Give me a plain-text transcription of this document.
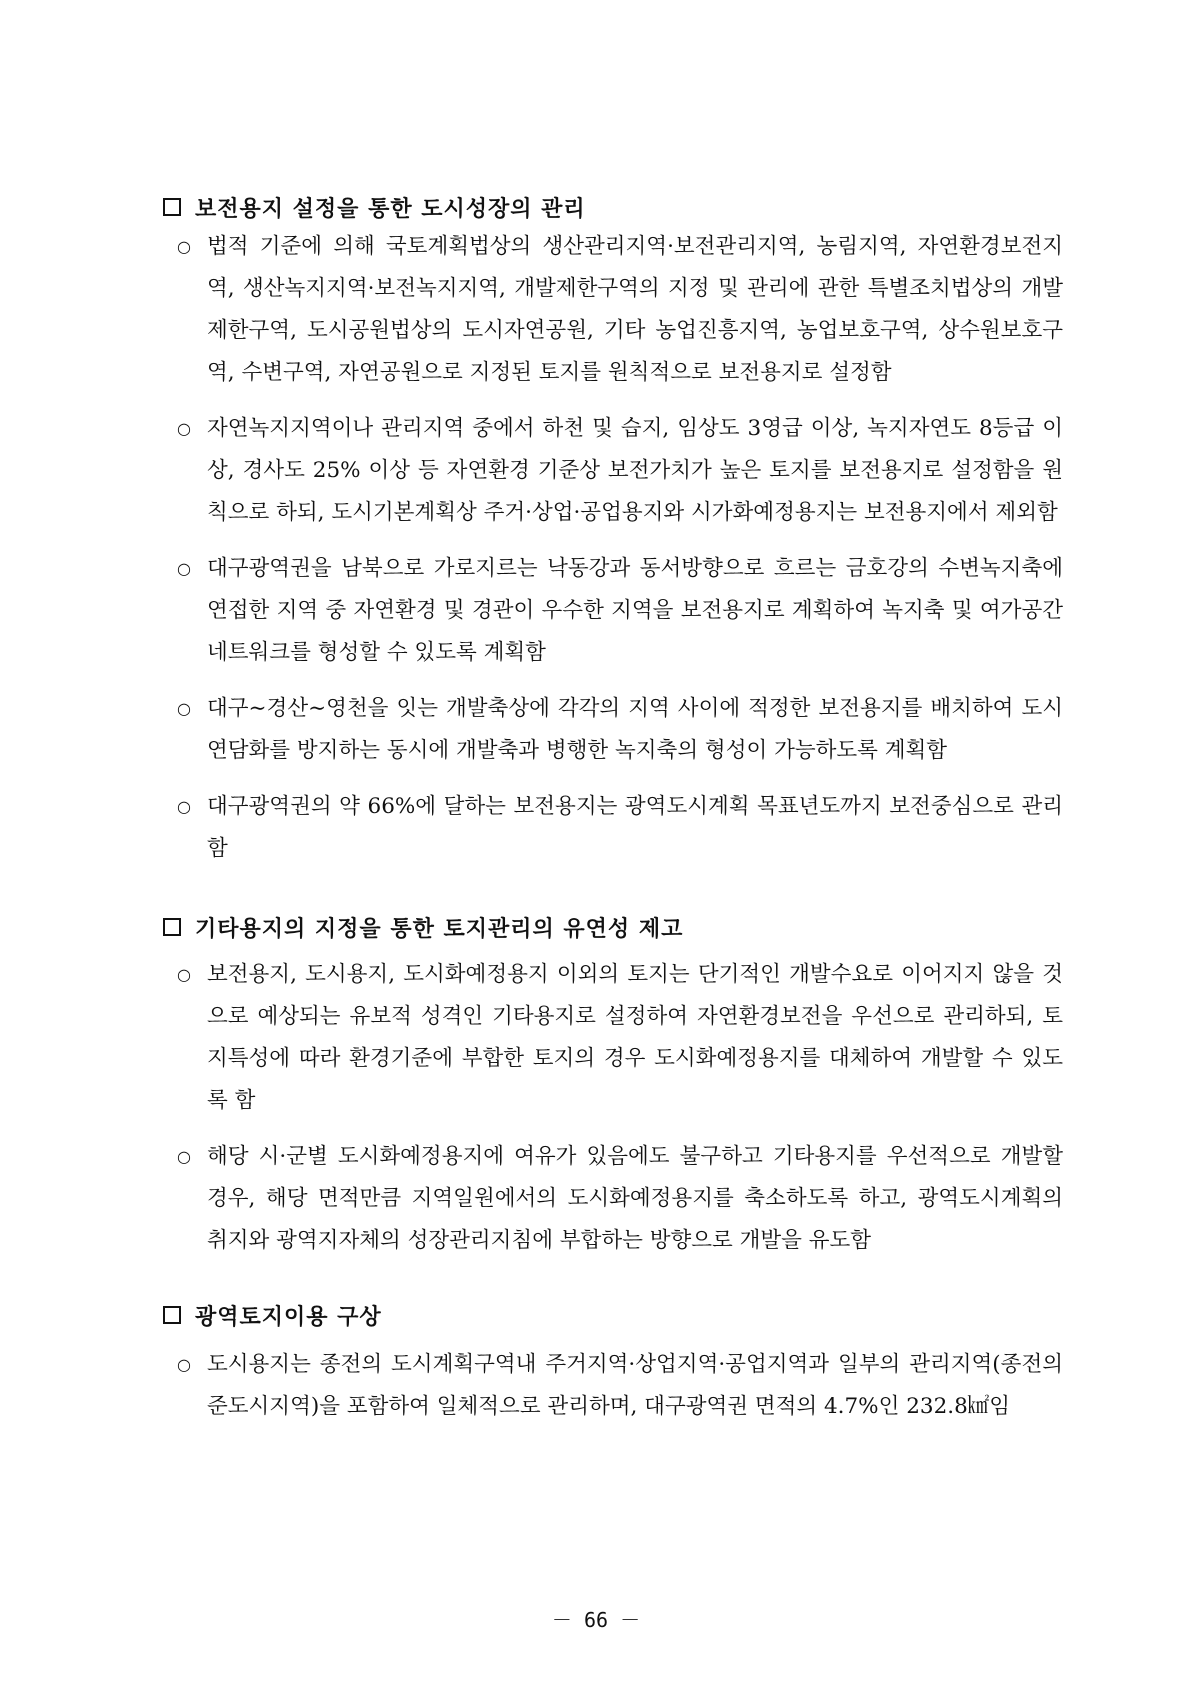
보전용지 설정을 통한 도시성장의 관리
○ 법적 기준에 의해 국토계획법상의 생산관리지역·보전관리지역, 농림지역, 자연환경보전지역, 생산녹지지역·보전녹지지역, 개발제한구역의 지정 및 관리에 관한 특별조치법상의 개발제한구역, 도시공원법상의 도시자연공원, 기타 농업진흥지역, 농업보호구역, 상수원보호구역, 수변구역, 자연공원으로 지정된 토지를 원칙적으로 보전용지로 설정함
○ 자연녹지지역이나 관리지역 중에서 하천 및 습지, 임상도 3영급 이상, 녹지자연도 8등급 이상, 경사도 25% 이상 등 자연환경 기준상 보전가치가 높은 토지를 보전용지로 설정함을 원칙으로 하되, 도시기본계획상 주거·상업·공업용지와 시가화예정용지는 보전용지에서 제외함
○ 대구광역권을 남북으로 가로지르는 낙동강과 동서방향으로 흐르는 금호강의 수변녹지축에 연접한 지역 중 자연환경 및 경관이 우수한 지역을 보전용지로 계획하여 녹지축 및 여가공간 네트워크를 형성할 수 있도록 계획함
○ 대구∼경산∼영천을 잇는 개발축상에 각각의 지역 사이에 적정한 보전용지를 배치하여 도시연담화를 방지하는 동시에 개발축과 병행한 녹지축의 형성이 가능하도록 계획함
○ 대구광역권의 약 66%에 달하는 보전용지는 광역도시계획 목표년도까지 보전중심으로 관리함
기타용지의 지정을 통한 토지관리의 유연성 제고
○ 보전용지, 도시용지, 도시화예정용지 이외의 토지는 단기적인 개발수요로 이어지지 않을 것으로 예상되는 유보적 성격인 기타용지로 설정하여 자연환경보전을 우선으로 관리하되, 토지특성에 따라 환경기준에 부합한 토지의 경우 도시화예정용지를 대체하여 개발할 수 있도록 함
○ 해당 시·군별 도시화예정용지에 여유가 있음에도 불구하고 기타용지를 우선적으로 개발할 경우, 해당 면적만큼 지역일원에서의 도시화예정용지를 축소하도록 하고, 광역도시계획의 취지와 광역지자체의 성장관리지침에 부합하는 방향으로 개발을 유도함
광역토지이용 구상
○ 도시용지는 종전의 도시계획구역내 주거지역·상업지역·공업지역과 일부의 관리지역(종전의 준도시지역)을 포함하여 일체적으로 관리하며, 대구광역권 면적의 4.7%인 232.8㎢임
－ 66 －
